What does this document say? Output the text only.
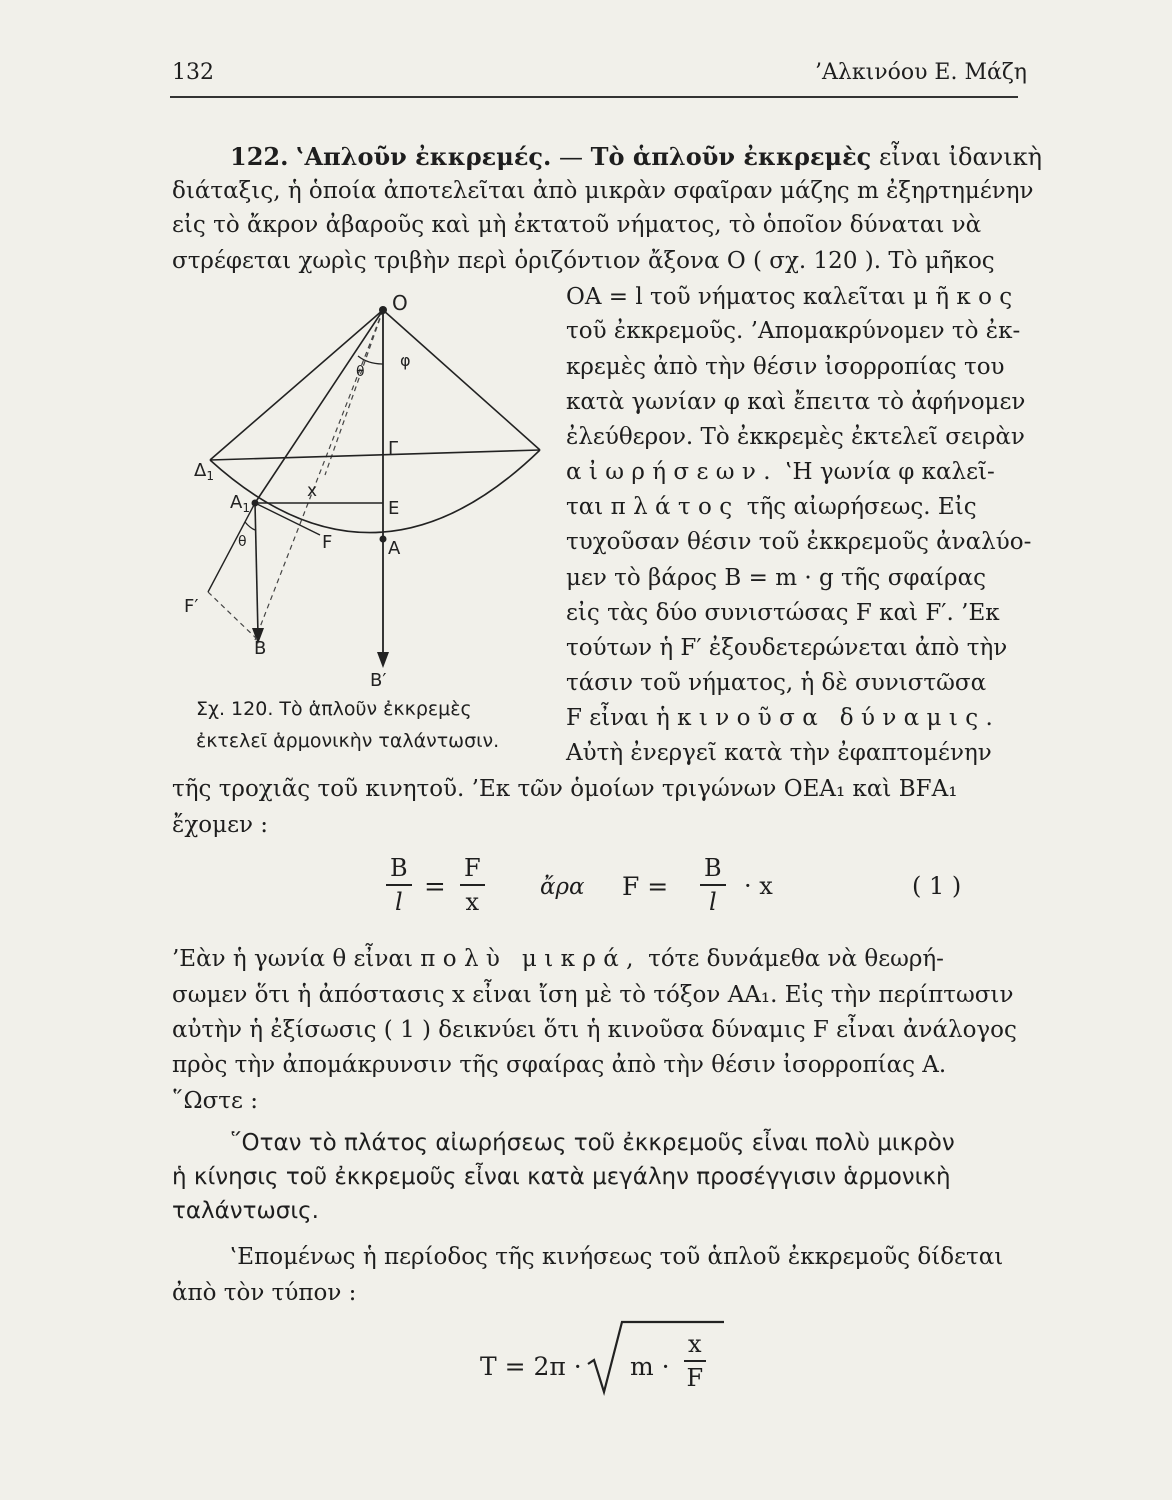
132	’Αλκινόου Ε. Μάζη
122. ‛Απλοῦν ἐκκρεμές. — Τὸ ἁπλοῦν ἐκκρεμὲς εἶναι ἰδανικὴ
διάταξις, ἡ ὁποία ἀποτελεῖται ἀπὸ μικρὰν σφαῖραν μάζης m ἐξηρτημένην
εἰς τὸ ἄκρον ἀβαροῦς καὶ μὴ ἐκτατοῦ νήματος, τὸ ὁποῖον δύναται νὰ
στρέφεται χωρὶς τριβὴν περὶ ὁριζόντιον ἄξονα Ο ( σχ. 120 ). Τὸ μῆκος
ΟΑ = l τοῦ νήματος καλεῖται μῆκος
τοῦ ἐκκρεμοῦς. ’Απομακρύνομεν τὸ ἐκ-
κρεμὲς ἀπὸ τὴν θέσιν ἰσορροπίας του
κατὰ γωνίαν φ καὶ ἔπειτα τὸ ἀφήνομεν
ἐλεύθερον. Τὸ ἐκκρεμὲς ἐκτελεῖ σειρὰν
αἰωρήσεων. ‛Η γωνία φ καλεῖ-
ται πλάτος τῆς αἰωρήσεως. Εἰς
τυχοῦσαν θέσιν τοῦ ἐκκρεμοῦς ἀναλύο-
μεν τὸ βάρος Β = m · g τῆς σφαίρας
εἰς τὰς δύο συνιστώσας F καὶ F′. ’Εκ
τούτων ἡ F′ ἐξουδετερώνεται ἀπὸ τὴν
τάσιν τοῦ νήματος, ἡ δὲ συνιστῶσα
F εἶναι ἡ κινοῦσα δύναμις.
Αὐτὴ ἐνεργεῖ κατὰ τὴν ἐφαπτομένην
O
φ
θ
Γ
$\Delta_1$
$A_1$
x
E
F	A
θ
F′
B
B′
Σχ. 120. Τὸ ἁπλοῦν ἐκκρεμὲς
ἐκτελεῖ ἁρμονικὴν ταλάντωσιν.
τῆς τροχιᾶς τοῦ κινητοῦ. ’Εκ τῶν ὁμοίων τριγώνων ΟΕΑ₁ καὶ ΒFΑ₁
ἔχομεν :
$\frac{B}{l} = \frac{F}{x}$ ἄρα $F = \frac{B}{l} \cdot x$	( 1 )
’Εὰν ἡ γωνία θ εἶναι πολὺ μικρά, τότε δυνάμεθα νὰ θεωρή-
σωμεν ὅτι ἡ ἀπόστασις x εἶναι ἴση μὲ τὸ τόξον ΑΑ₁. Εἰς τὴν περίπτωσιν
αὐτὴν ἡ ἐξίσωσις ( 1 ) δεικνύει ὅτι ἡ κινοῦσα δύναμις F εἶναι ἀνάλογος
πρὸς τὴν ἀπομάκρυνσιν τῆς σφαίρας ἀπὸ τὴν θέσιν ἰσορροπίας Α.
῞Ωστε :
῞Οταν τὸ πλάτος αἰωρήσεως τοῦ ἐκκρεμοῦς εἶναι πολὺ μικρὸν
ἡ κίνησις τοῦ ἐκκρεμοῦς εἶναι κατὰ μεγάλην προσέγγισιν ἁρμονικὴ
ταλάντωσις.
‛Επομένως ἡ περίοδος τῆς κινήσεως τοῦ ἁπλοῦ ἐκκρεμοῦς δίδεται
ἀπὸ τὸν τύπον :
$T = 2\pi \cdot m \cdot \frac{x}{F}$
